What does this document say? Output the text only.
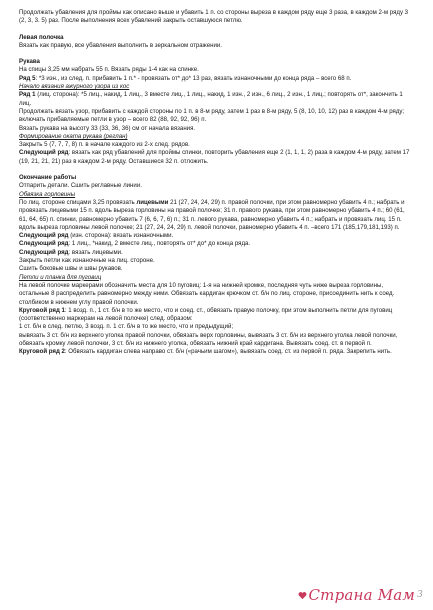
Продолжать убавления для проймы как описано выше и убавить 1 п. со стороны выреза в каждом ряду еще 3 раза, в каждом 2-м ряду 3 (2, 3, 3. 5) раз. После выполнения всех убавлений закрыть оставшуюся петлю.

Левая полочка

Вязать как правую, все убавления выполнить в зеркальном отражении.

Рукава

На спицы 3,25 мм набрать 55 п. Вязать ряды 1-4 как на спинке.

Ряд 5: *3 изн., из след. п. прибавить 1 п.* - провязать от* до* 13 раз, вязать изнаночными до конца ряда – всего 68 п.

Начало вязания ажурного узора из кос

Ряд 1 (лиц. сторона): *5 лиц., накид, 1 лиц., 3 вместе лиц., 1 лиц., накид, 1 изн., 2 изн., 6 лиц., 2 изн., 1 лиц.; повторять от*, закончить 1 лиц.

Продолжать вязать узор, прибавить с каждой стороны по 1 п. в 8-м ряду, затем 1 раз в 8-м ряду, 5 (8, 10, 10, 12) раз в каждом 4-м ряду; включать прибавляемые петли в узор – всего 82 (88, 92, 92, 96) п.

Вязать рукава на высоту 33 (33, 36, 36) см от начала вязания.

Формирование оката рукава (реглан)

Закрыть 5 (7, 7, 7, 8) п. в начале каждого из 2-х след. рядов.

Следующий ряд: вязать как ряд убавлений для проймы спинки, повторить убавления еще 2 (1, 1, 1, 2) раза в каждом 4-м ряду, затем 17 (19, 21, 21, 21) раз в каждом 2-м ряду. Оставшиеся 32 п. отложить.

Окончание работы

Отпарить детали. Сшить реглавные линии.

Обвязка горловины

По лиц. стороне спицами 3,25 провязать лицевыми 21 (27, 24, 24, 29) п. правой полочки, при этом равномерно убавить 4 п.; набрать и провязать лицевыми 15 п. вдоль выреза горловины на правой полочке; 31 п. правого рукава, при этом равномерно убавить 4 п.; 60 (61, 61, 64, 65) п. спинки, равномерно убавить 7 (6, 6, 7, 6) п.; 31 п. левого рукава, равномерно убавить 4 п.; набрать и провязать лиц. 15 п. вдоль выреза горловины левой полочке; 21 (27, 24, 24, 29) п. левой полочки, равномерно убавить 4 п. –всего 171 (185,179,181,193) п.

Следующий ряд (изн. сторона): вязать изнаночными.

Следующий ряд: 1 лиц., *накид, 2 вместе лиц., повторять от* до* до конца ряда.

Следующий ряд: вязать лицевыми.

Закрыть петли как изнаночные на лиц. стороне.

Сшить боковые швы и швы рукавов.

Петли и планка для пуговиц

На левой полочке маркерами обозначить места для 10 пуговиц: 1-я на нижней кромке, последняя чуть ниже выреза горловины, остальные 8 распределить равномерно между ними. Обвязать кардиган крючком ст. б/н по лиц. стороне, присоединить нить к соед. столбиком в нижнем углу правой полочки.

Круговой ряд 1: 1 возд. п., 1 ст. б/н в то же место, что и соед. ст., обвязать правую полочку, при этом выполнить петли для пуговиц (соответственно маркерам на левой полочке) след. образом:

1 ст. б/н в след. петлю, 3 возд. п. 1 ст. б/н в то же место, что и предыдущий;

вывязать 3 ст. б/н из верхнего уголка правой полочки, обвязать верх горловины, вывязать 3 ст. б/н из верхнего уголка левой полочки, обвязать кромку левой полочки, 3 ст. б/н из нижнего уголка, обвязать нижний край кардигана. Вывязать соед. ст. в первой п.

Круговой ряд 2: Обвязать кардиган слева направо ст. б/н («рачьим шагом»), вывязать соед. ст. из первой п. ряда. Закрепить нить.

Страна Мам $^3$
